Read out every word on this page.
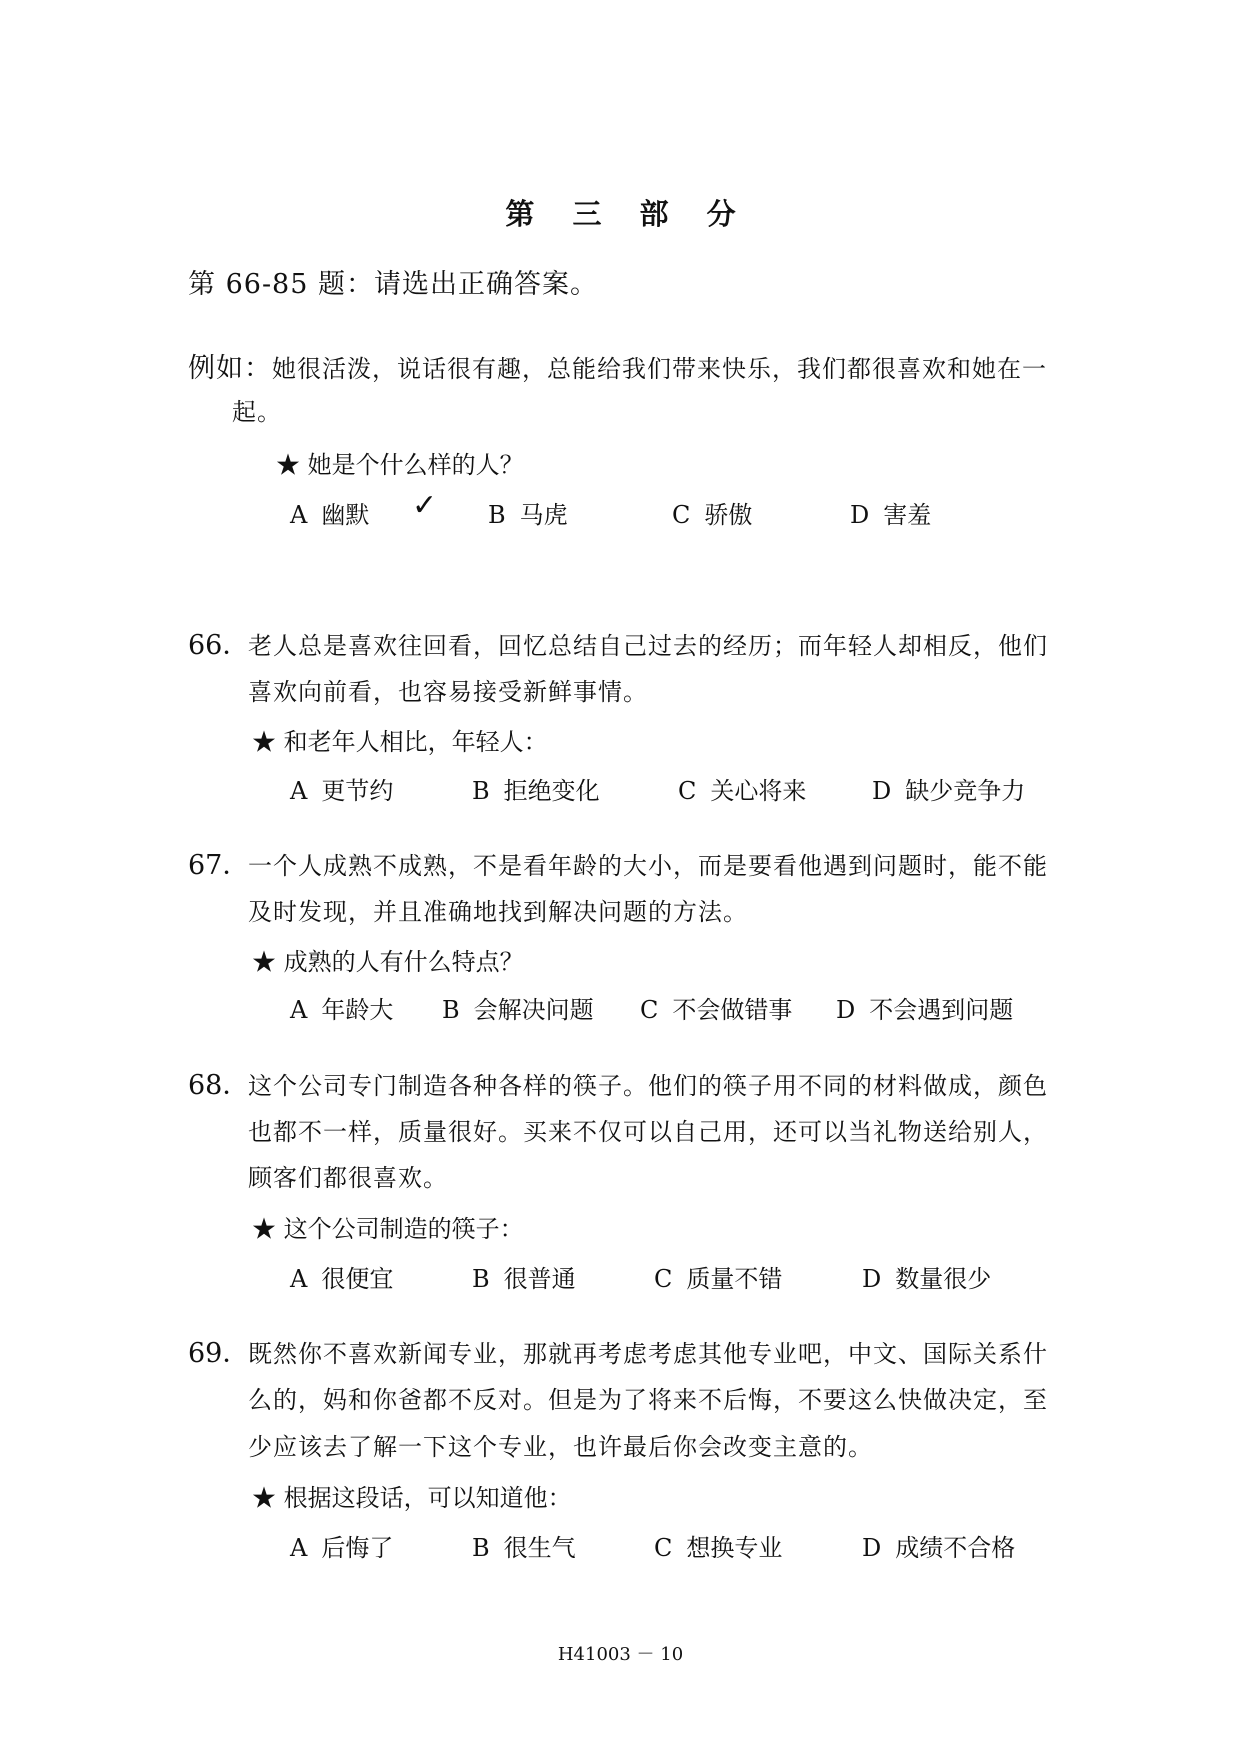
第 三 部 分
第 66-85 题：请选出正确答案。
例如：她很活泼，说话很有趣，总能给我们带来快乐，我们都很喜欢和她在一
起。
★ 她是个什么样的人？
A 幽默 ✓ B 马虎	C 骄傲	D 害羞
66．
老人总是喜欢往回看，回忆总结自己过去的经历；而年轻人却相反，他们
喜欢向前看，也容易接受新鲜事情。
★ 和老年人相比，年轻人：
A 更节约	B 拒绝变化	C 关心将来	D 缺少竞争力
67．
一个人成熟不成熟，不是看年龄的大小，而是要看他遇到问题时，能不能
及时发现，并且准确地找到解决问题的方法。
★ 成熟的人有什么特点？
A 年龄大 B 会解决问题 C 不会做错事 D 不会遇到问题
68．
这个公司专门制造各种各样的筷子。他们的筷子用不同的材料做成，颜色
也都不一样，质量很好。买来不仅可以自己用，还可以当礼物送给别人，
顾客们都很喜欢。
★ 这个公司制造的筷子：
A 很便宜	B 很普通	C 质量不错	D 数量很少
69．
既然你不喜欢新闻专业，那就再考虑考虑其他专业吧，中文、国际关系什
么的，妈和你爸都不反对。但是为了将来不后悔，不要这么快做决定，至
少应该去了解一下这个专业，也许最后你会改变主意的。
★ 根据这段话，可以知道他：
A 后悔了	B 很生气	C 想换专业	D 成绩不合格
H41003 － 10
